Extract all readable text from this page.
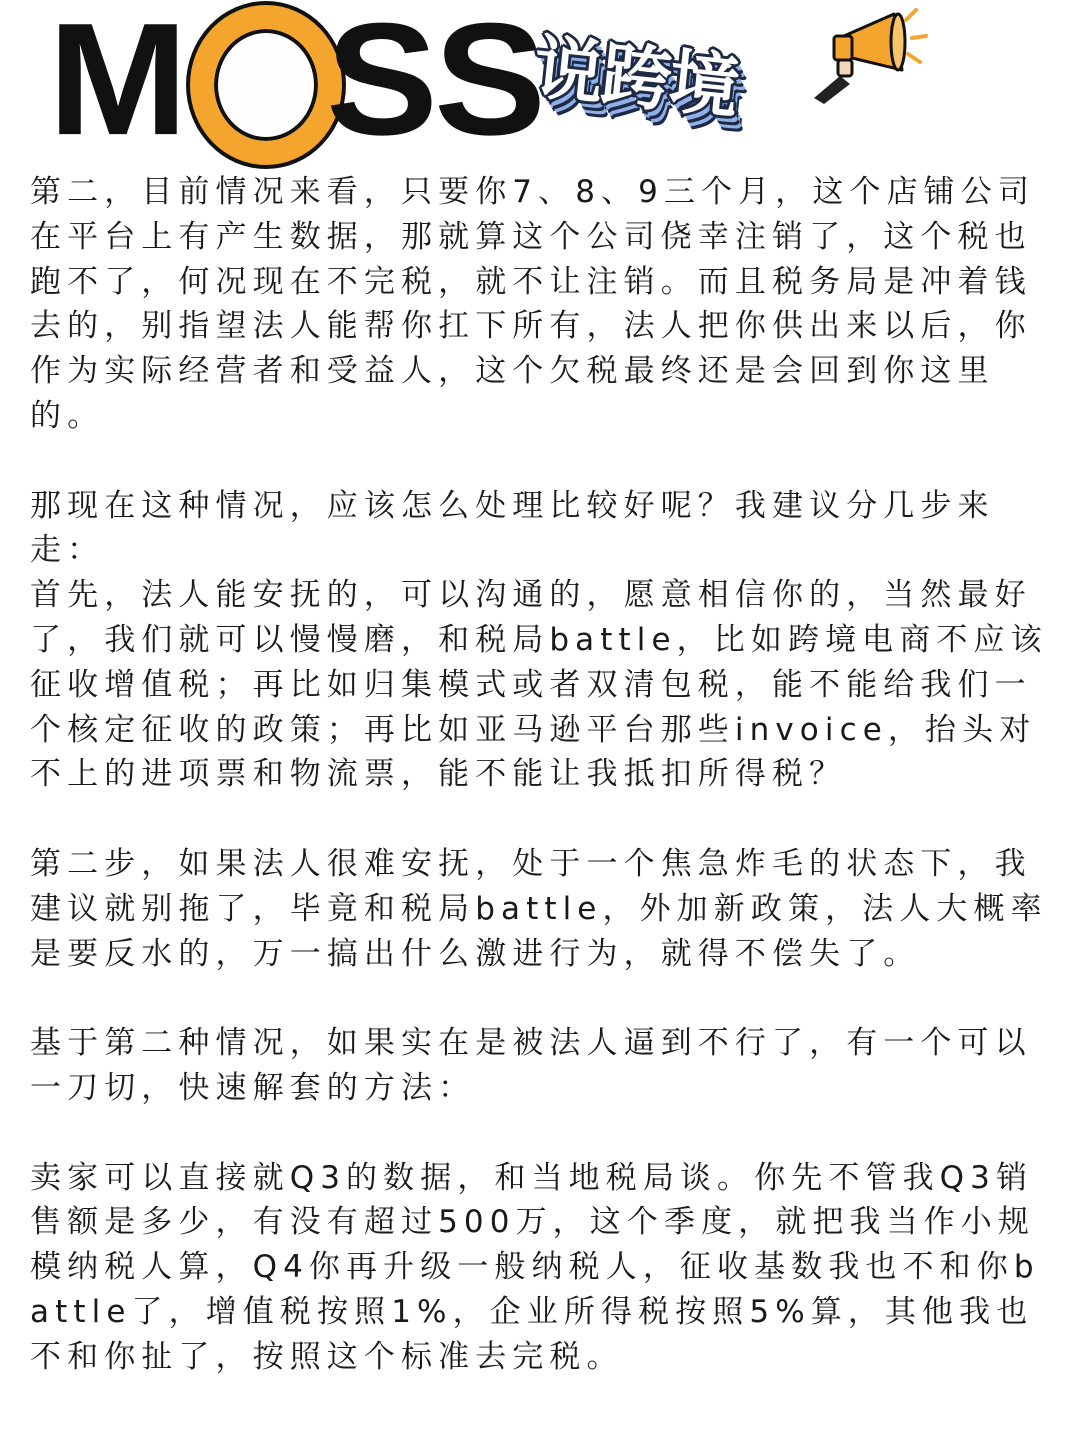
M S S
说跨境

第二，目前情况来看，只要你7、8、9三个月，这个店铺公司在平台上有产生数据，那就算这个公司侥幸注销了，这个税也跑不了，何况现在不完税，就不让注销。而且税务局是冲着钱去的，别指望法人能帮你扛下所有，法人把你供出来以后，你作为实际经营者和受益人，这个欠税最终还是会回到你这里的。

那现在这种情况，应该怎么处理比较好呢？我建议分几步来走：

首先，法人能安抚的，可以沟通的，愿意相信你的，当然最好了，我们就可以慢慢磨，和税局battle，比如跨境电商不应该征收增值税；再比如归集模式或者双清包税，能不能给我们一个核定征收的政策；再比如亚马逊平台那些invoice，抬头对不上的进项票和物流票，能不能让我抵扣所得税？

第二步，如果法人很难安抚，处于一个焦急炸毛的状态下，我建议就别拖了，毕竟和税局battle，外加新政策，法人大概率是要反水的，万一搞出什么激进行为，就得不偿失了。

基于第二种情况，如果实在是被法人逼到不行了，有一个可以一刀切，快速解套的方法：

卖家可以直接就Q3的数据，和当地税局谈。你先不管我Q3销售额是多少，有没有超过500万，这个季度，就把我当作小规模纳税人算，Q4你再升级一般纳税人，征收基数我也不和你battle了，增值税按照1%，企业所得税按照5%算，其他我也不和你扯了，按照这个标准去完税。
